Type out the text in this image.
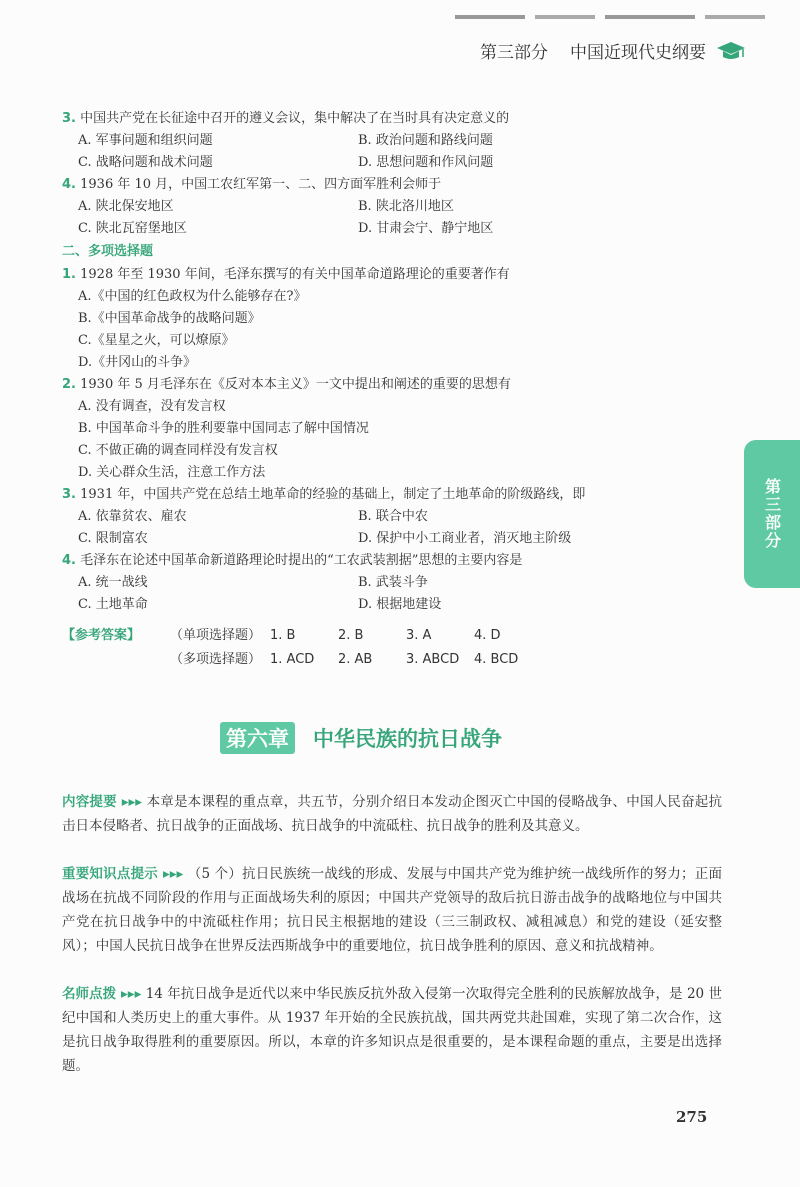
第三部分 中国近现代史纲要
第三部分

3. 中国共产党在长征途中召开的遵义会议，集中解决了在当时具有决定意义的

A. 军事问题和组织问题	B. 政治问题和路线问题
C. 战略问题和战术问题	D. 思想问题和作风问题

4. 1936 年 10 月，中国工农红军第一、二、四方面军胜利会师于

A. 陕北保安地区	B. 陕北洛川地区
C. 陕北瓦窑堡地区	D. 甘肃会宁、静宁地区
二、多项选择题

1. 1928 年至 1930 年间，毛泽东撰写的有关中国革命道路理论的重要著作有

A.《中国的红色政权为什么能够存在?》
B.《中国革命战争的战略问题》
C.《星星之火，可以燎原》
D.《井冈山的斗争》

2. 1930 年 5 月毛泽东在《反对本本主义》一文中提出和阐述的重要的思想有

A. 没有调查，没有发言权
B. 中国革命斗争的胜利要靠中国同志了解中国情况
C. 不做正确的调查同样没有发言权
D. 关心群众生活，注意工作方法

3. 1931 年，中国共产党在总结土地革命的经验的基础上，制定了土地革命的阶级路线，即

A. 依靠贫农、雇农	B. 联合中农
C. 限制富农	D. 保护中小工商业者，消灭地主阶级

4. 毛泽东在论述中国革命新道路理论时提出的“工农武装割据”思想的主要内容是

A. 统一战线	B. 武装斗争
C. 土地革命	D. 根据地建设
【参考答案】	（单项选择题） 1. B	2. B	3. A	4. D
（多项选择题） 1. ACD	2. AB	3. ABCD	4. BCD
第六章 中华民族的抗日战争
内容提要 ▸▸▸ 本章是本课程的重点章，共五节，分别介绍日本发动企图灭亡中国的侵略战争、中国人民奋起抗击日本侵略者、抗日战争的正面战场、抗日战争的中流砥柱、抗日战争的胜利及其意义。
重要知识点提示 ▸▸▸ （5 个）抗日民族统一战线的形成、发展与中国共产党为维护统一战线所作的努力；正面战场在抗战不同阶段的作用与正面战场失利的原因；中国共产党领导的敌后抗日游击战争的战略地位与中国共产党在抗日战争中的中流砥柱作用；抗日民主根据地的建设（三三制政权、减租减息）和党的建设（延安整风）；中国人民抗日战争在世界反法西斯战争中的重要地位，抗日战争胜利的原因、意义和抗战精神。
名师点拨 ▸▸▸ 14 年抗日战争是近代以来中华民族反抗外敌入侵第一次取得完全胜利的民族解放战争，是 20 世纪中国和人类历史上的重大事件。从 1937 年开始的全民族抗战，国共两党共赴国难，实现了第二次合作，这是抗日战争取得胜利的重要原因。所以，本章的许多知识点是很重要的，是本课程命题的重点，主要是出选择题。
275
